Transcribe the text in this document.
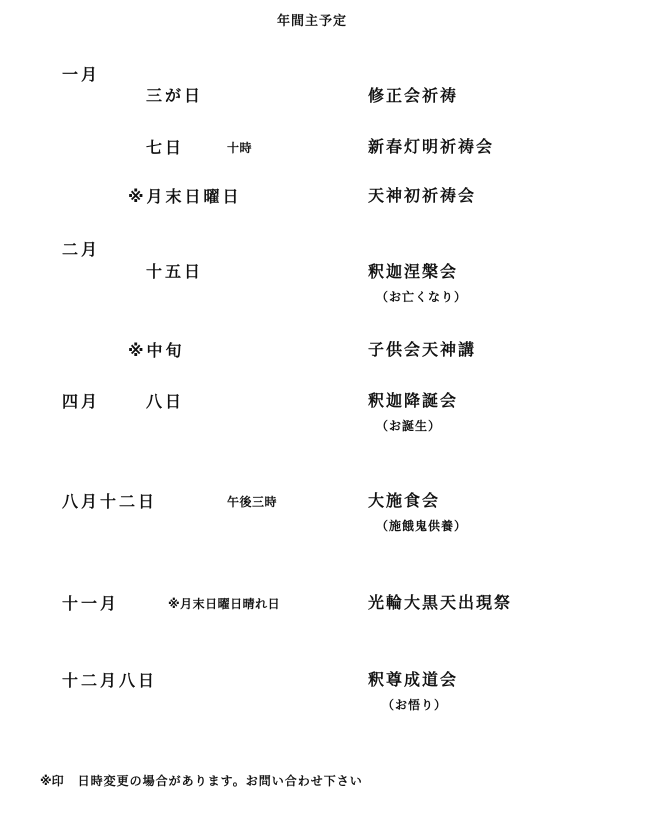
年間主予定
一月
三が日	修正会祈祷
七日	十時	新春灯明祈祷会
※月末日曜日	天神初祈祷会
二月
十五日	釈迦涅槃会
（お亡くなり）
※中旬	子供会天神講
四月	八日	釈迦降誕会
（お誕生）
八月十二日	午後三時	大施食会
（施餓鬼供養）
十一月	※月末日曜日晴れ日	光輪大黒天出現祭
十二月八日	釈尊成道会
（お悟り）
※印 日時変更の場合があります。お問い合わせ下さい
